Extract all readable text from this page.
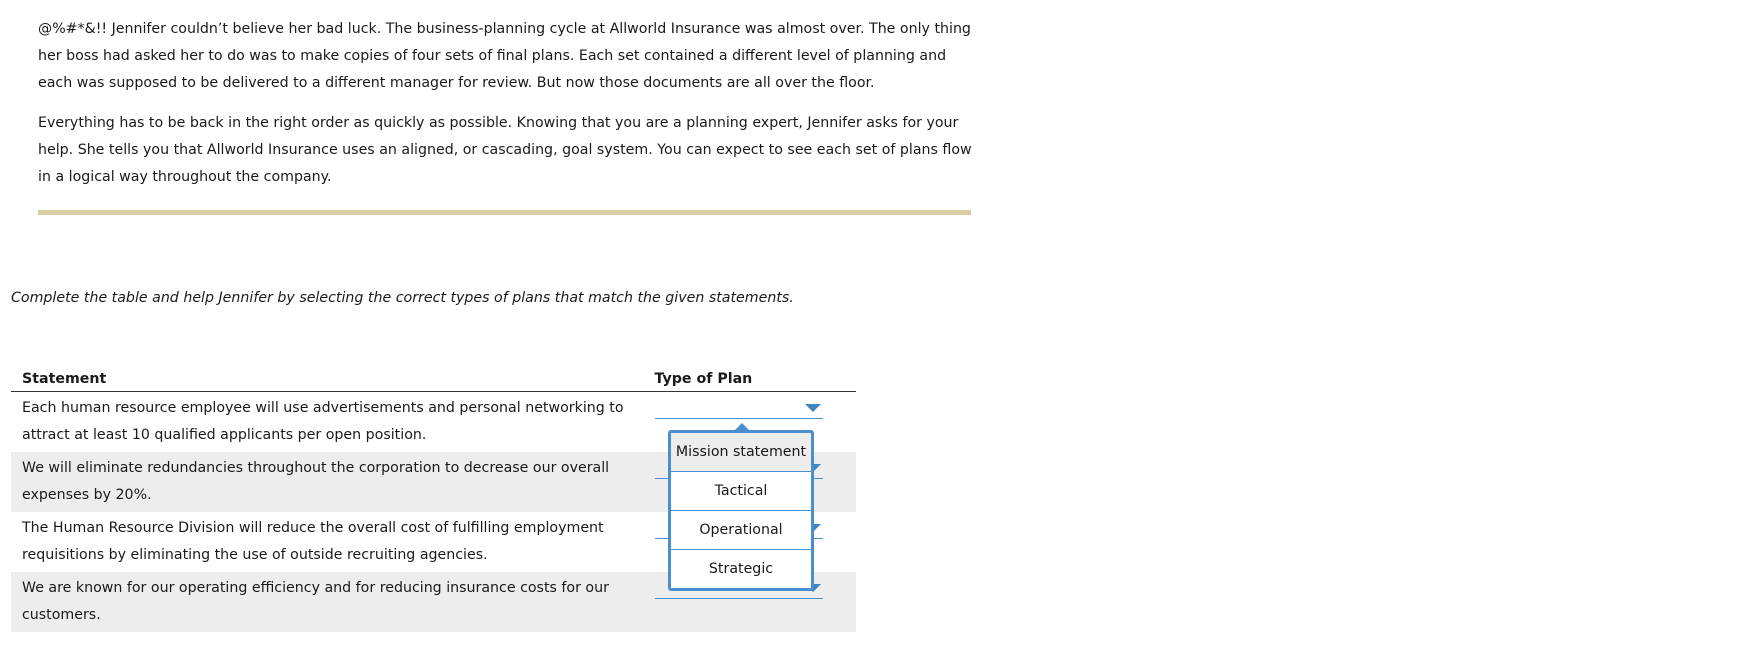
@%#*&!! Jennifer couldn’t believe her bad luck. The business-planning cycle at Allworld Insurance was almost over. The only thing her boss had asked her to do was to make copies of four sets of final plans. Each set contained a different level of planning and each was supposed to be delivered to a different manager for review. But now those documents are all over the floor.

Everything has to be back in the right order as quickly as possible. Knowing that you are a planning expert, Jennifer asks for your help. She tells you that Allworld Insurance uses an aligned, or cascading, goal system. You can expect to see each set of plans flow in a logical way throughout the company.

Complete the table and help Jennifer by selecting the correct types of plans that match the given statements.
Statement	Type of Plan
Each human resource employee will use advertisements and personal networking to attract at least 10 qualified applicants per open position.	

We will eliminate redundancies throughout the corporation to decrease our overall expenses by 20%.	

The Human Resource Division will reduce the overall cost of fulfilling employment requisitions by eliminating the use of outside recruiting agencies.	

We are known for our operating efficiency and for reducing insurance costs for our customers.	
Mission statement
Tactical
Operational
Strategic
